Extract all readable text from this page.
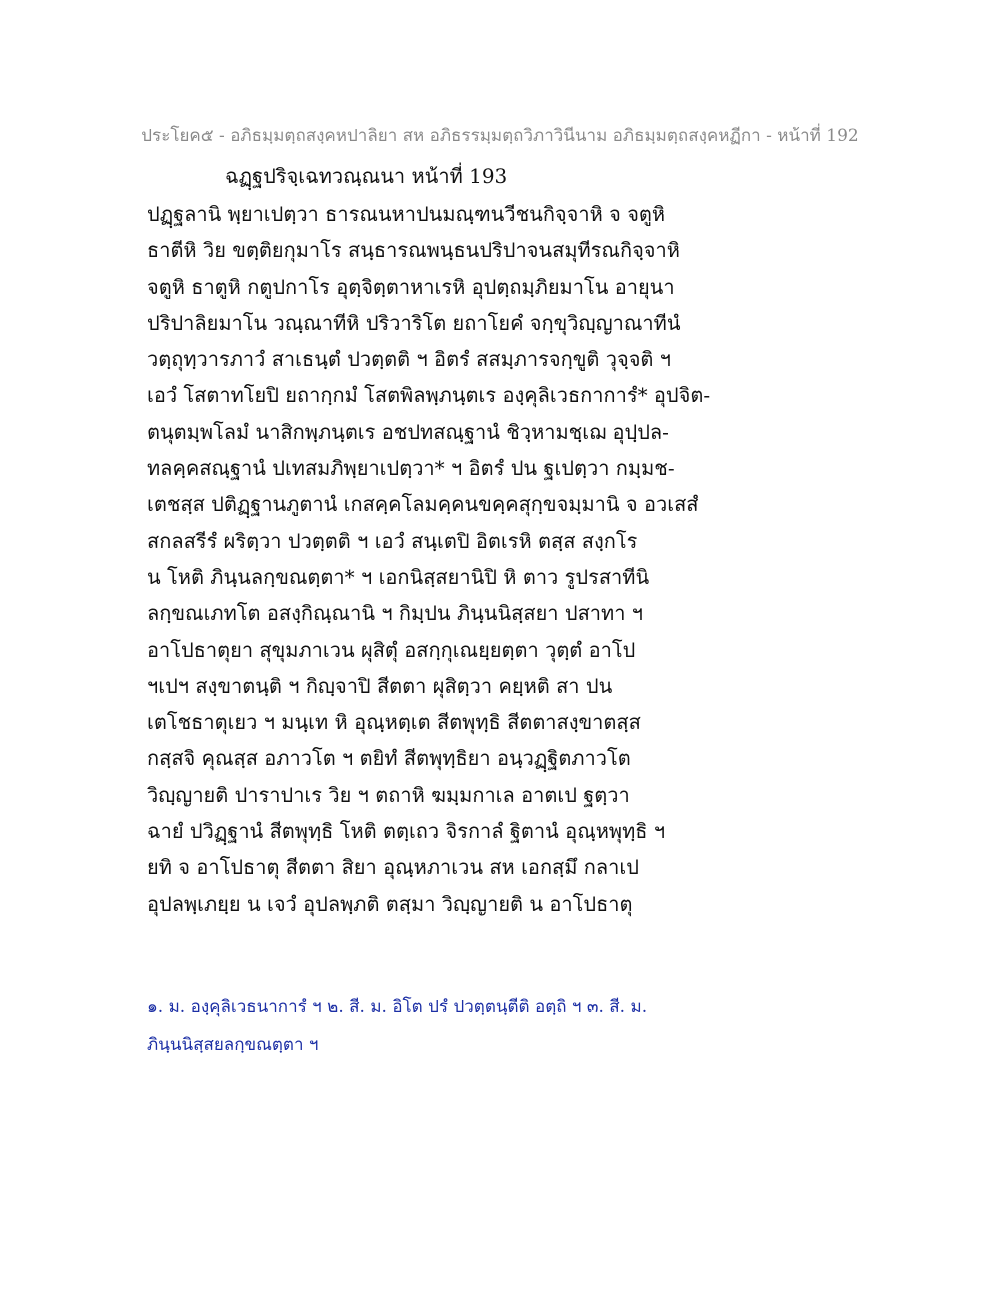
ประโยค๕ - อภิธมฺมตฺถสงฺคหปาลิยา สห อภิธรรมฺมตฺถวิภาวินีนาม อภิธมฺมตฺถสงฺคหฏีกา - หน้าที่ 192
ฉฏฺฐปริจฺเฉทวณฺณนา หน้าที่ 193
ปฏฺฐลานิ พฺยาเปตฺวา ธารณนหาปนมณฺฑนวีชนกิจฺจาหิ จ จตูหิ
ธาตีหิ วิย ขตฺติยกุมาโร สนฺธารณพนฺธนปริปาจนสมุทีรณกิจฺจาหิ
จตูหิ ธาตูหิ กตูปกาโร อุตฺจิตฺตาหาเรหิ อุปตฺถมฺภิยมาโน อายุนา
ปริปาลิยมาโน วณฺณาทีหิ ปริวาริโต ยถาโยคํ จกฺขุวิญฺญาณาทีนํ
วตฺถุทฺวารภาวํ สาเธนฺตํ ปวตฺตติ ฯ อิตรํ สสมฺภารจกฺขูติ วุจฺจติ ฯ
เอวํ โสตาทโยปิ ยถากฺกมํ โสตพิลพฺภนฺตเร องฺคุลิเวธกาการํ* อุปจิต-
ตนุตมฺพโลมํ นาสิกพฺภนฺตเร อชปทสณฺฐานํ ชิวฺหามชฺเฌ อุปฺปล-
ทลคฺคสณฺฐานํ ปเทสมภิพฺยาเปตฺวา* ฯ อิตรํ ปน ฐเปตฺวา กมฺมช-
เตชสฺส ปติฏฺฐานภูตานํ เกสคฺคโลมคฺคนขคฺคสุกฺขจมฺมานิ จ อวเสสํ
สกลสรีรํ ผริตฺวา ปวตฺตติ ฯ เอวํ สนฺเตปิ อิตเรหิ ตสฺส สงฺกโร
น โหติ ภินฺนลกฺขณตฺตา* ฯ เอกนิสฺสยานิปิ หิ ตาว รูปรสาทีนิ
ลกฺขณเภทโต อสงฺกิณฺณานิ ฯ กิมฺปน ภินฺนนิสฺสยา ปสาทา ฯ
อาโปธาตุยา สุขุมภาเวน ผุสิตุํ อสกฺกุเณยฺยตฺตา วุตฺตํ อาโป
ฯเปฯ สงฺขาตนฺติ ฯ กิญฺจาปิ สีตตา ผุสิตฺวา คยฺหติ สา ปน
เตโชธาตุเยว ฯ มนฺเท หิ อุณฺหตฺเต สีตพุทฺธิ สีตตาสงฺขาตสฺส
กสฺสจิ คุณสฺส อภาวโต ฯ ตยิทํ สีตพุทฺธิยา อนฺวฏฺฐิตภาวโต
วิญฺญายติ ปาราปาเร วิย ฯ ตถาหิ ฆมฺมกาเล อาตเป ฐตฺวา
ฉายํ ปวิฏฺฐานํ สีตพุทฺธิ โหติ ตตฺเถว จิรกาลํ ฐิตานํ อุณฺหพุทฺธิ ฯ
ยทิ จ อาโปธาตุ สีตตา สิยา อุณฺหภาเวน สห เอกสฺมึ กลาเป
อุปลพฺเภยฺย น เจวํ อุปลพฺภติ ตสฺมา วิญฺญายติ น อาโปธาตุ
๑. ม. องฺคุลิเวธนาการํ ฯ ๒. สี. ม. อิโต ปรํ ปวตฺตนฺตีติ อตฺถิ ฯ ๓. สี. ม.
ภินฺนนิสฺสยลกฺขณตฺตา ฯ
